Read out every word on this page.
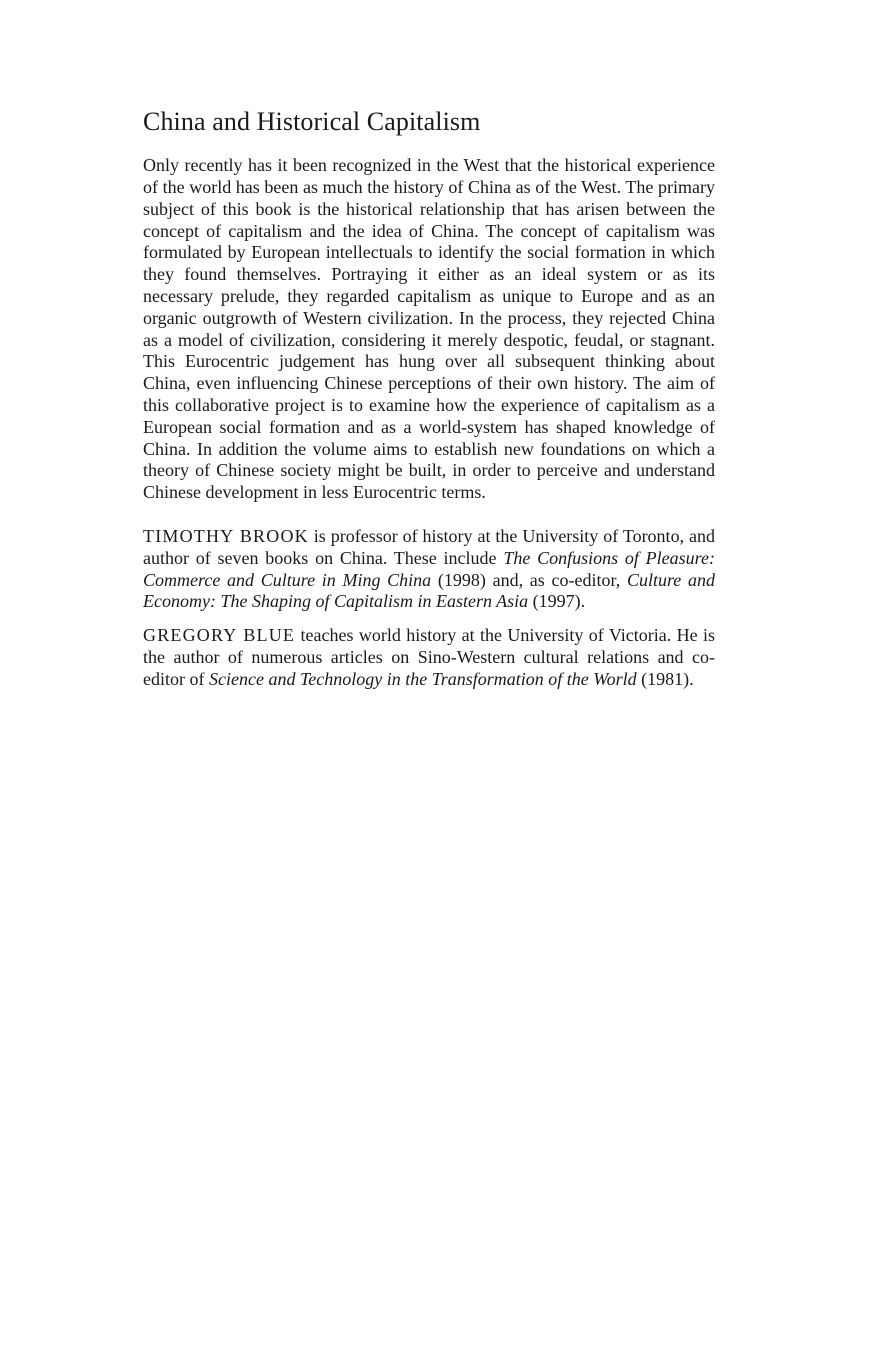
China and Historical Capitalism

Only recently has it been recognized in the West that the historical experience of the world has been as much the history of China as of the West. The primary subject of this book is the historical relationship that has arisen between the concept of capitalism and the idea of China. The concept of capitalism was formulated by European intellectuals to identify the social formation in which they found themselves. Portraying it either as an ideal system or as its necessary prelude, they regarded capitalism as unique to Europe and as an organic outgrowth of Western civilization. In the process, they rejected China as a model of civilization, considering it merely despotic, feudal, or stagnant. This Eurocentric judgement has hung over all subsequent thinking about China, even influencing Chinese perceptions of their own history. The aim of this collaborative project is to examine how the experience of capitalism as a European social formation and as a world-system has shaped knowledge of China. In addition the volume aims to establish new foundations on which a theory of Chinese society might be built, in order to perceive and understand Chinese development in less Eurocentric terms.

TIMOTHY BROOK is professor of history at the University of Toronto, and author of seven books on China. These include The Confusions of Pleasure: Commerce and Culture in Ming China (1998) and, as co-editor, Culture and Economy: The Shaping of Capitalism in Eastern Asia (1997).

GREGORY BLUE teaches world history at the University of Victoria. He is the author of numerous articles on Sino-Western cultural relations and co-editor of Science and Technology in the Transformation of the World (1981).
